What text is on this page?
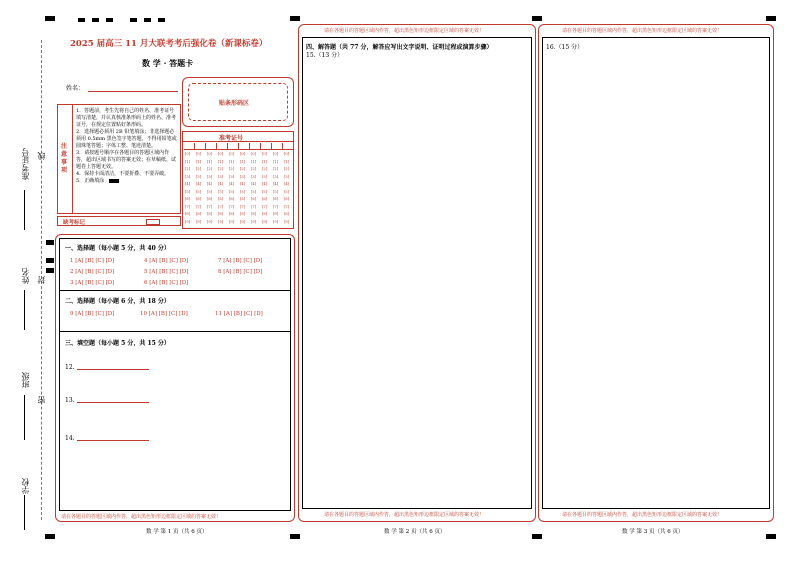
准考证号 线
姓名 封
班级
密
学校
2025 届高三 11 月大联考考后强化卷（新课标卷）
数 学 · 答题卡
姓名：
贴条形码区
注意事项
1．答题前，考生先将自己的姓名、准考证号填写清楚，并认真核准条形码上的姓名、准考证号，在规定位置贴好条形码。
2．选择题必须用 2B 铅笔填涂；非选择题必须用 0.5mm 黑色签字笔答题，不得用铅笔或圆珠笔答题；字体工整、笔迹清楚。
3．请按题号顺序在各题目的答题区域内作答，超出区域书写的答案无效；在草稿纸、试题卷上答题无效。
4．保持卡面清洁，不要折叠、不要弄破。
5．正确填涂
缺考标记
准考证号
[0] [0] [0] [0] [0] [0] [0] [0] [0] [0]
[1] [1] [1] [1] [1] [1] [1] [1] [1] [1]
[2] [2] [2] [2] [2] [2] [2] [2] [2] [2]
[3] [3] [3] [3] [3] [3] [3] [3] [3] [3]
[4] [4] [4] [4] [4] [4] [4] [4] [4] [4]
[5] [5] [5] [5] [5] [5] [5] [5] [5] [5]
[6] [6] [6] [6] [6] [6] [6] [6] [6] [6]
[7] [7] [7] [7] [7] [7] [7] [7] [7] [7]
[8] [8] [8] [8] [8] [8] [8] [8] [8] [8]
[9] [9] [9] [9] [9] [9] [9] [9] [9] [9]
一、选择题（每小题 5 分，共 40 分）
1 [A] [B] [C] [D]	4 [A] [B] [C] [D]	7 [A] [B] [C] [D]
2 [A] [B] [C] [D]	5 [A] [B] [C] [D]	8 [A] [B] [C] [D]
3 [A] [B] [C] [D]	6 [A] [B] [C] [D]
二、选择题（每小题 6 分，共 18 分）
9 [A] [B] [C] [D]	10 [A] [B] [C] [D]	11 [A] [B] [C] [D]
三、填空题（每小题 5 分，共 15 分）
12.
13.
14.
请在各题目的答题区域内作答，超出黑色矩形边框限定区域的答案无效！
数 学 第 1 页（共 6 页）
请在各题目的答题区域内作答，超出黑色矩形边框限定区域的答案无效！
四、解答题（共 77 分，解答应写出文字说明、证明过程或演算步骤）
15.（13 分）
请在各题目的答题区域内作答，超出黑色矩形边框限定区域的答案无效！
数 学 第 2 页（共 6 页）
请在各题目的答题区域内作答，超出黑色矩形边框限定区域的答案无效！
16.（15 分）
请在各题目的答题区域内作答，超出黑色矩形边框限定区域的答案无效！
数 学 第 3 页（共 6 页）
